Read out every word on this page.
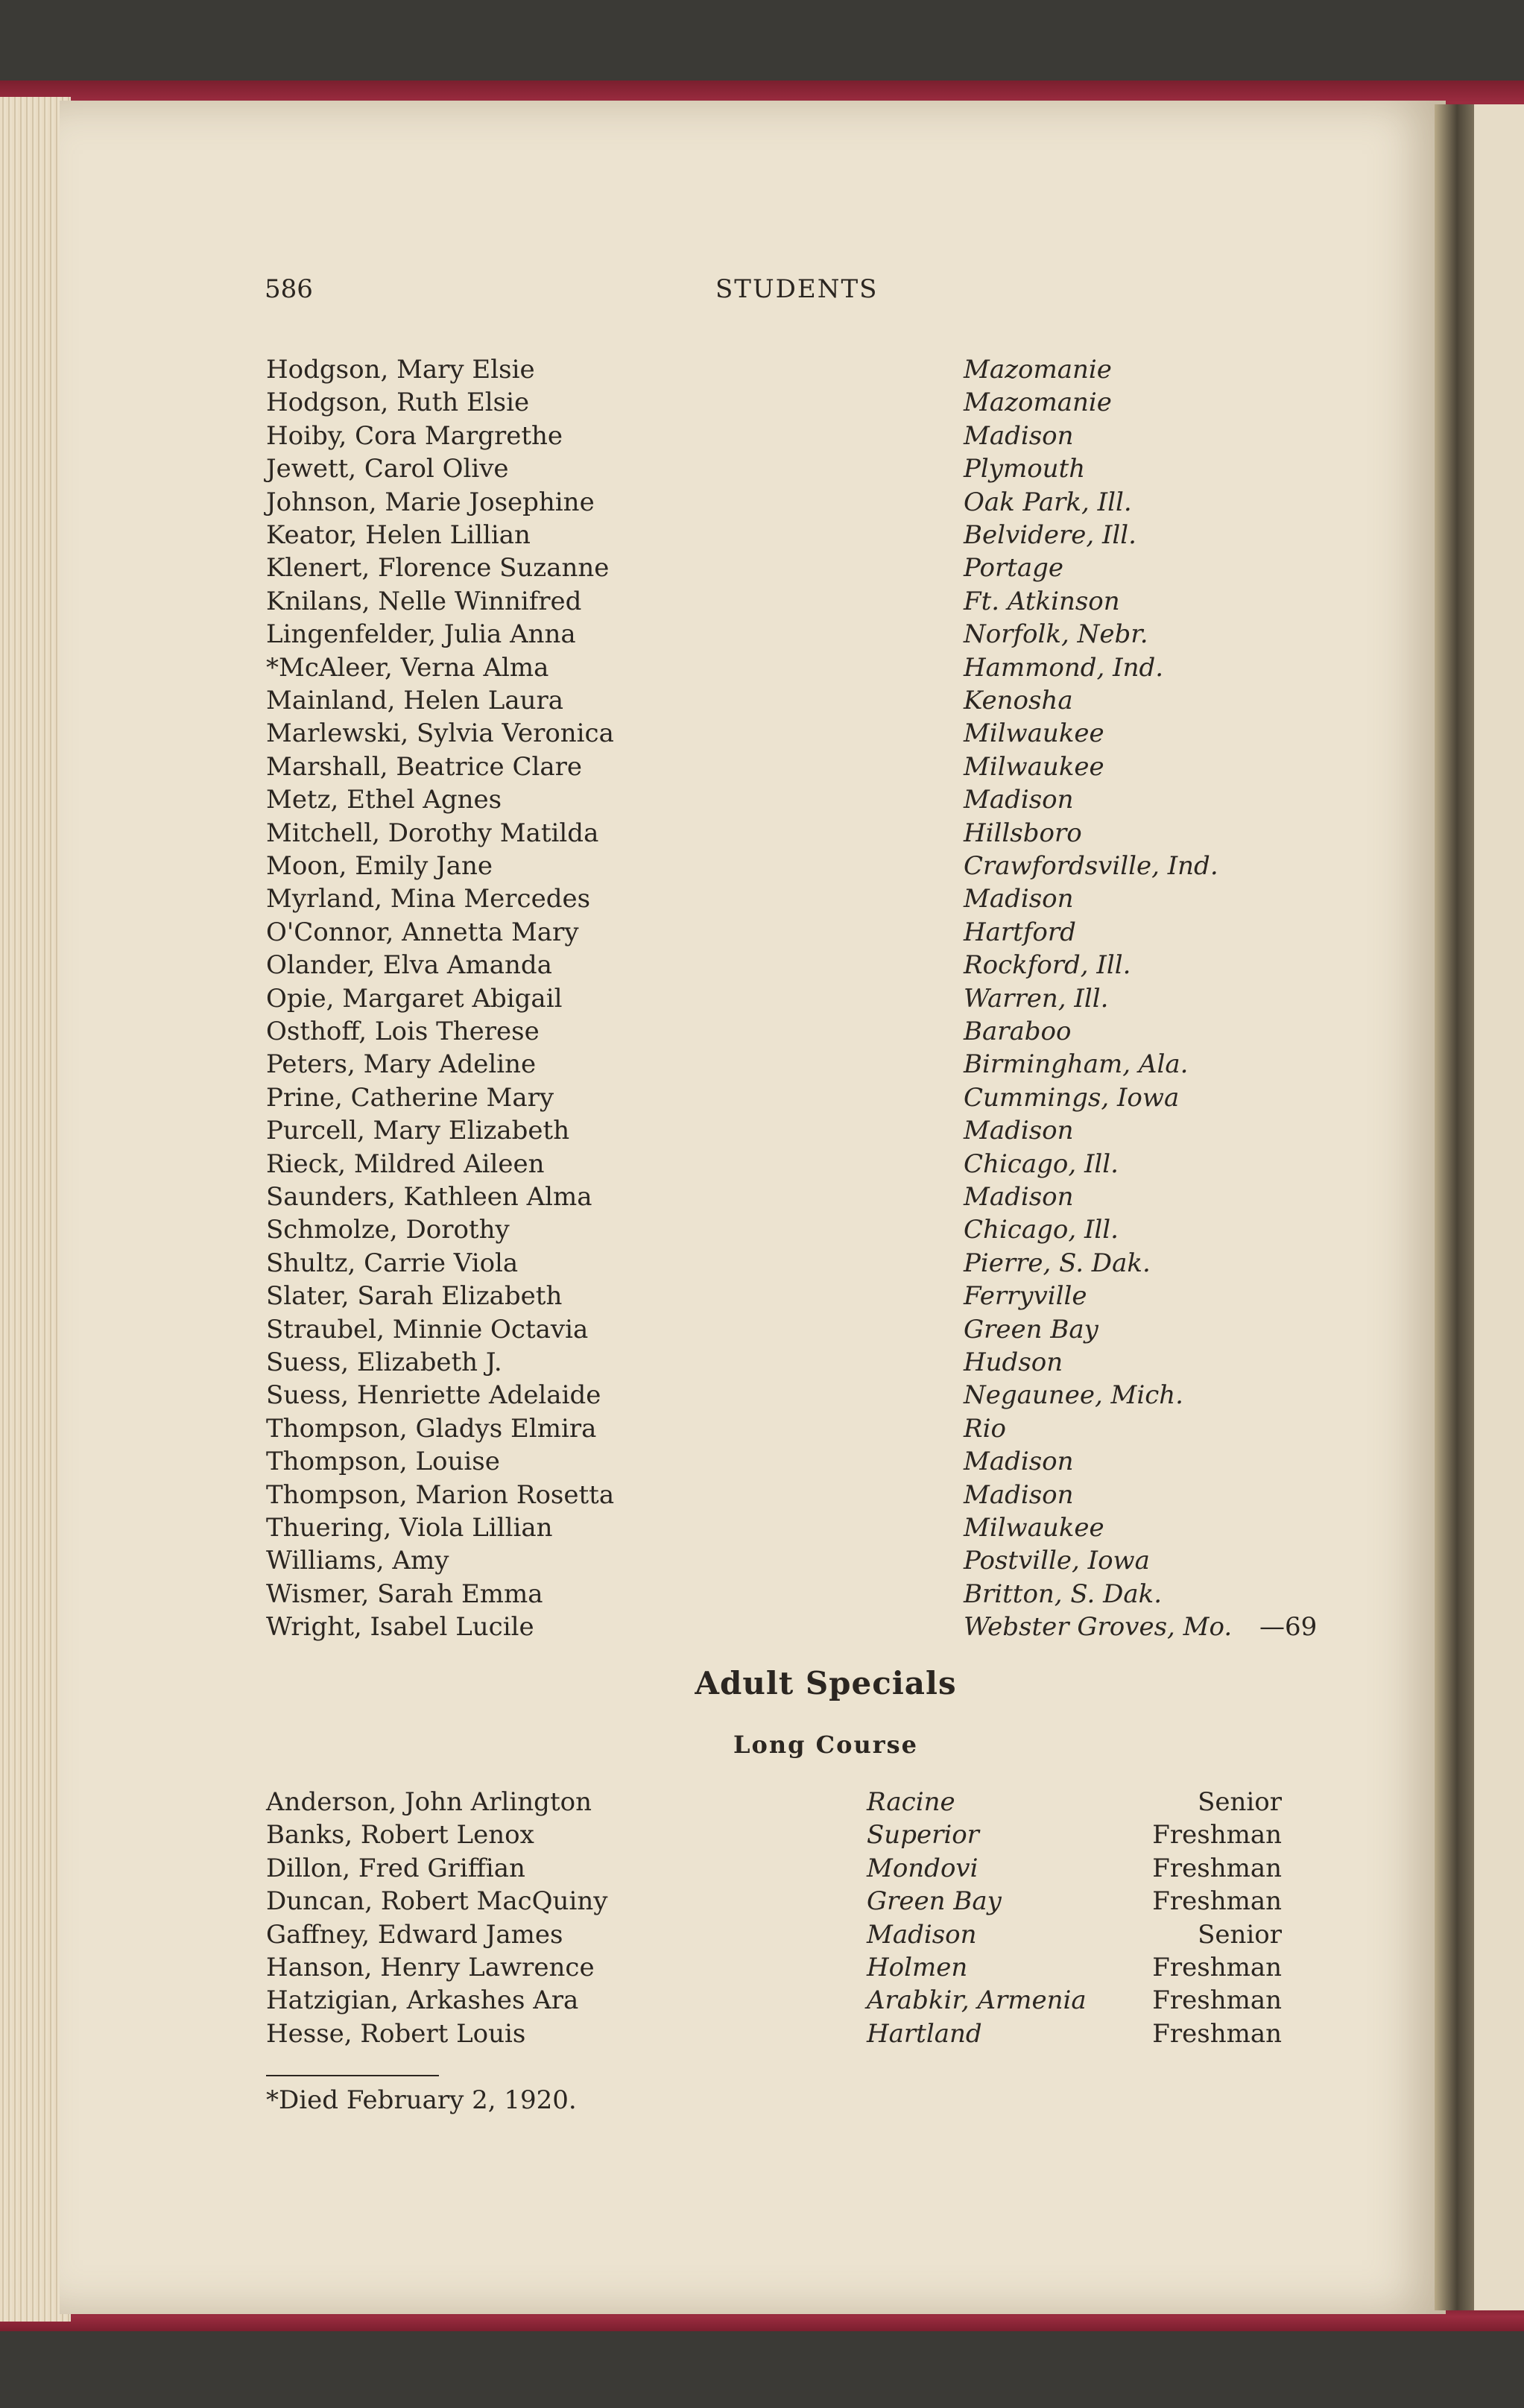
586	STUDENTS
Hodgson, Mary Elsie	Mazomanie
Hodgson, Ruth Elsie	Mazomanie
Hoiby, Cora Margrethe	Madison
Jewett, Carol Olive	Plymouth
Johnson, Marie Josephine	Oak Park, Ill.
Keator, Helen Lillian	Belvidere, Ill.
Klenert, Florence Suzanne	Portage
Knilans, Nelle Winnifred	Ft. Atkinson
Lingenfelder, Julia Anna	Norfolk, Nebr.
*McAleer, Verna Alma	Hammond, Ind.
Mainland, Helen Laura	Kenosha
Marlewski, Sylvia Veronica	Milwaukee
Marshall, Beatrice Clare	Milwaukee
Metz, Ethel Agnes	Madison
Mitchell, Dorothy Matilda	Hillsboro
Moon, Emily Jane	Crawfordsville, Ind.
Myrland, Mina Mercedes	Madison
O'Connor, Annetta Mary	Hartford
Olander, Elva Amanda	Rockford, Ill.
Opie, Margaret Abigail	Warren, Ill.
Osthoff, Lois Therese	Baraboo
Peters, Mary Adeline	Birmingham, Ala.
Prine, Catherine Mary	Cummings, Iowa
Purcell, Mary Elizabeth	Madison
Rieck, Mildred Aileen	Chicago, Ill.
Saunders, Kathleen Alma	Madison
Schmolze, Dorothy	Chicago, Ill.
Shultz, Carrie Viola	Pierre, S. Dak.
Slater, Sarah Elizabeth	Ferryville
Straubel, Minnie Octavia	Green Bay
Suess, Elizabeth J.	Hudson
Suess, Henriette Adelaide	Negaunee, Mich.
Thompson, Gladys Elmira	Rio
Thompson, Louise	Madison
Thompson, Marion Rosetta	Madison
Thuering, Viola Lillian	Milwaukee
Williams, Amy	Postville, Iowa
Wismer, Sarah Emma	Britton, S. Dak.
Wright, Isabel Lucile	Webster Groves, Mo. —69
Adult Specials
Long Course
Anderson, John Arlington	Racine	Senior
Banks, Robert Lenox	Superior	Freshman
Dillon, Fred Griffian	Mondovi	Freshman
Duncan, Robert MacQuiny	Green Bay	Freshman
Gaffney, Edward James	Madison	Senior
Hanson, Henry Lawrence	Holmen	Freshman
Hatzigian, Arkashes Ara	Arabkir, Armenia	Freshman
Hesse, Robert Louis	Hartland	Freshman
*Died February 2, 1920.
